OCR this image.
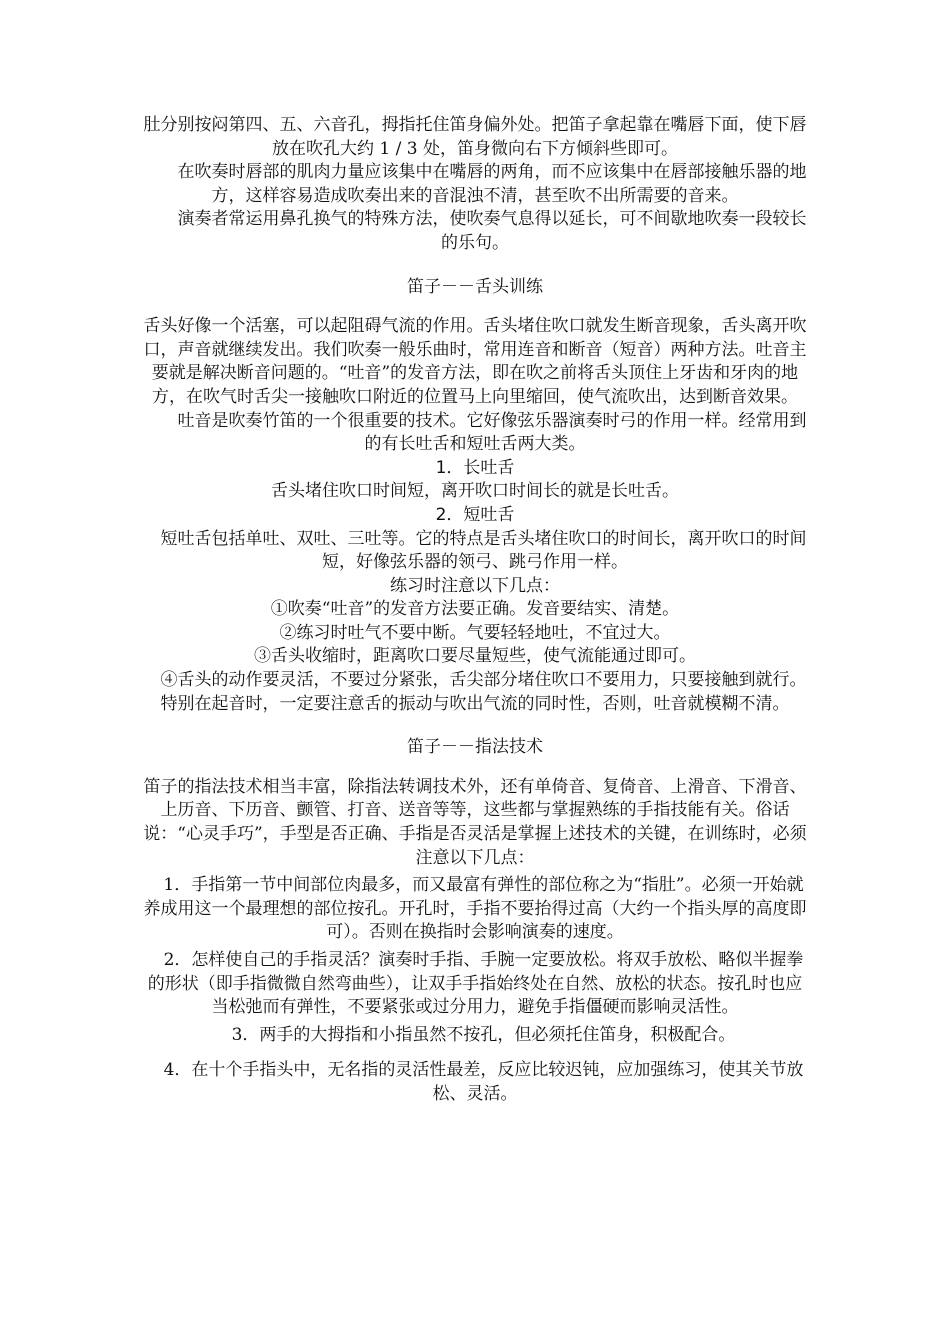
肚分别按闷第四、五、六音孔，拇指托住笛身偏外处。把笛子拿起靠在嘴唇下面，使下唇放在吹孔大约 1 / 3 处，笛身微向右下方倾斜些即可。

　　在吹奏时唇部的肌肉力量应该集中在嘴唇的两角，而不应该集中在唇部接触乐器的地方，这样容易造成吹奏出来的音混浊不清，甚至吹不出所需要的音来。

　　演奏者常运用鼻孔换气的特殊方法，使吹奏气息得以延长，可不间歇地吹奏一段较长的乐句。

笛子－－舌头训练

舌头好像一个活塞，可以起阻碍气流的作用。舌头堵住吹口就发生断音现象，舌头离开吹口，声音就继续发出。我们吹奏一般乐曲时，常用连音和断音（短音）两种方法。吐音主要就是解决断音问题的。“吐音”的发音方法，即在吹之前将舌头顶住上牙齿和牙肉的地方，在吹气时舌尖一接触吹口附近的位置马上向里缩回，使气流吹出，达到断音效果。

　　吐音是吹奏竹笛的一个很重要的技术。它好像弦乐器演奏时弓的作用一样。经常用到的有长吐舌和短吐舌两大类。

1．长吐舌

舌头堵住吹口时间短，离开吹口时间长的就是长吐舌。

2．短吐舌

　短吐舌包括单吐、双吐、三吐等。它的特点是舌头堵住吹口的时间长，离开吹口的时间短，好像弦乐器的领弓、跳弓作用一样。

练习时注意以下几点：

①吹奏“吐音”的发音方法要正确。发音要结实、清楚。

②练习时吐气不要中断。气要轻轻地吐，不宜过大。

③舌头收缩时，距离吹口要尽量短些，使气流能通过即可。

　④舌头的动作要灵活，不要过分紧张，舌尖部分堵住吹口不要用力，只要接触到就行。特别在起音时，一定要注意舌的振动与吹出气流的同时性，否则，吐音就模糊不清。

笛子－－指法技术

笛子的指法技术相当丰富，除指法转调技术外，还有单倚音、复倚音、上滑音、下滑音、上历音、下历音、颤管、打音、送音等等，这些都与掌握熟练的手指技能有关。俗话说：“心灵手巧”，手型是否正确、手指是否灵活是掌握上述技术的关键，在训练时，必须注意以下几点：

　1．手指第一节中间部位肉最多，而又最富有弹性的部位称之为“指肚”。必须一开始就养成用这一个最理想的部位按孔。开孔时，手指不要抬得过高（大约一个指头厚的高度即可）。否则在换指时会影响演奏的速度。

　2．怎样使自己的手指灵活？演奏时手指、手腕一定要放松。将双手放松、略似半握拳的形状（即手指微微自然弯曲些），让双手手指始终处在自然、放松的状态。按孔时也应当松弛而有弹性，不要紧张或过分用力，避免手指僵硬而影响灵活性。

　3．两手的大拇指和小指虽然不按孔，但必须托住笛身，积极配合。

　4．在十个手指头中，无名指的灵活性最差，反应比较迟钝，应加强练习，使其关节放松、灵活。
